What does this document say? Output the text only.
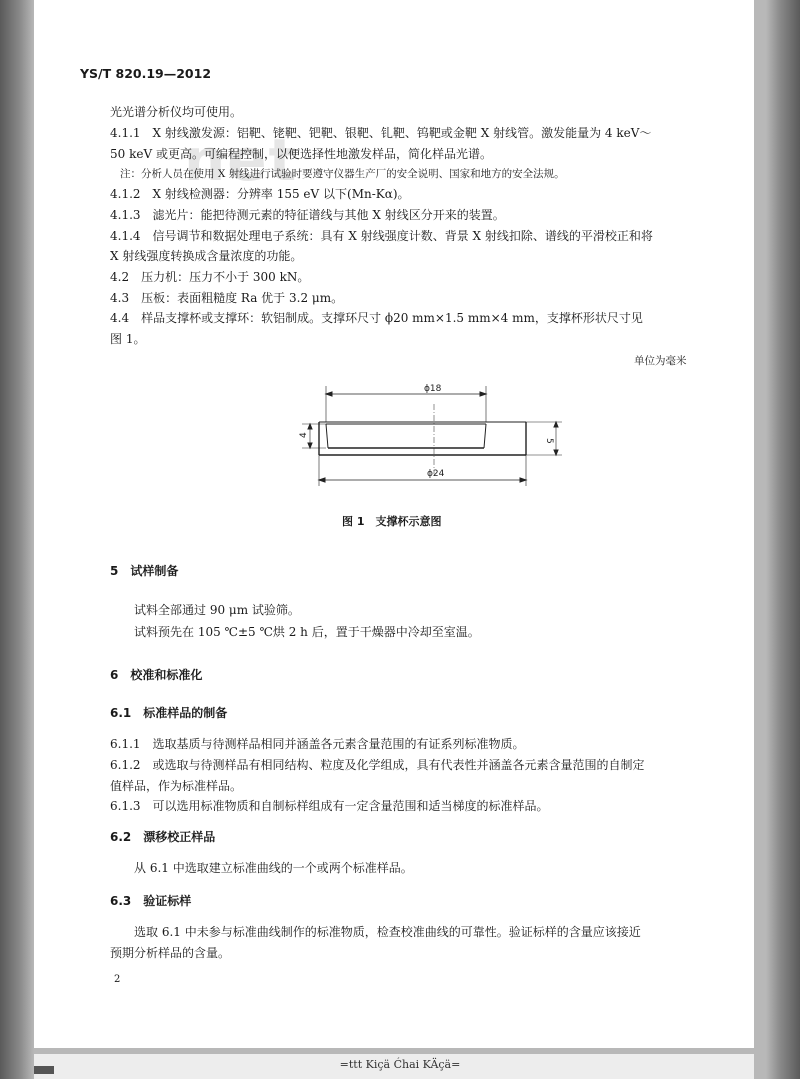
net
YS/T 820.19—2012
光光谱分析仪均可使用。
4.1.1　X 射线激发源：铝靶、铑靶、钯靶、银靶、钆靶、钨靶或金靶 X 射线管。激发能量为 4 keV～
50 keV 或更高。可编程控制，以便选择性地激发样品，简化样品光谱。
注：分析人员在使用 X 射线进行试验时要遵守仪器生产厂的安全说明、国家和地方的安全法规。
4.1.2　X 射线检测器：分辨率 155 eV 以下(Mn-Kα)。
4.1.3　滤光片：能把待测元素的特征谱线与其他 X 射线区分开来的装置。
4.1.4　信号调节和数据处理电子系统：具有 X 射线强度计数、背景 X 射线扣除、谱线的平滑校正和将
X 射线强度转换成含量浓度的功能。
4.2　压力机：压力不小于 300 kN。
4.3　压板：表面粗糙度 Ra 优于 3.2 μm。
4.4　样品支撑杯或支撑环：软铝制成。支撑环尺寸 ϕ20 mm×1.5 mm×4 mm，支撑杯形状尺寸见
图 1。
单位为毫米
ϕ18
ϕ24
4
5
图 1　支撑杯示意图
5　试样制备
试料全部通过 90 μm 试验筛。
试料预先在 105 ℃±5 ℃烘 2 h 后，置于干燥器中冷却至室温。
6　校准和标准化
6.1　标准样品的制备
6.1.1　选取基质与待测样品相同并涵盖各元素含量范围的有证系列标准物质。
6.1.2　或选取与待测样品有相同结构、粒度及化学组成，具有代表性并涵盖各元素含量范围的自制定
值样品，作为标准样品。
6.1.3　可以选用标准物质和自制标样组成有一定含量范围和适当梯度的标准样品。
6.2　漂移校正样品
从 6.1 中选取建立标准曲线的一个或两个标准样品。
6.3　验证标样
选取 6.1 中未参与标准曲线制作的标准物质，检查校准曲线的可靠性。验证标样的含量应该接近
预期分析样品的含量。
2
=ttt Kiçä Ćhai KÄçä=
